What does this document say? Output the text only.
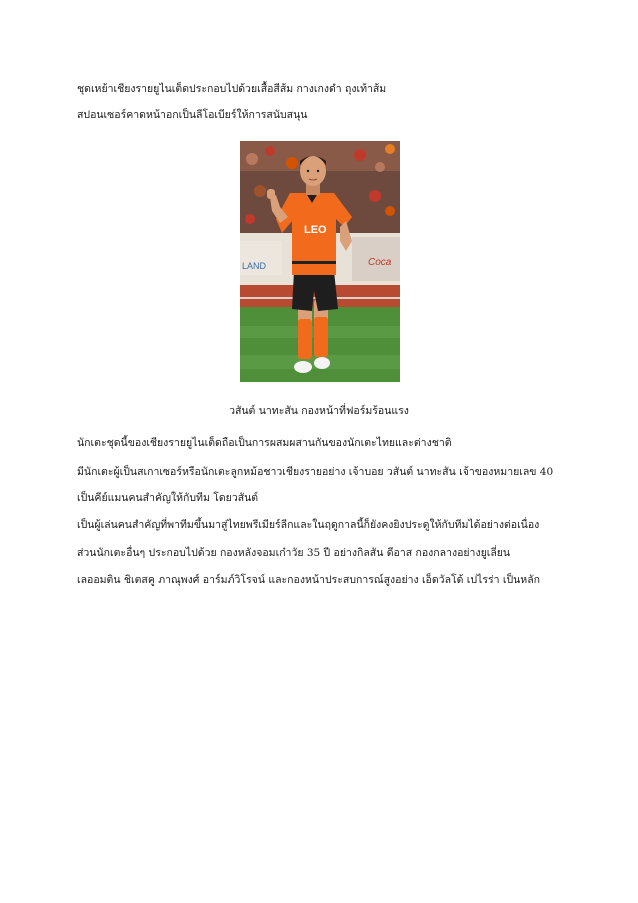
ชุดเหย้าเชียงรายยูไนเต็ดประกอบไปด้วยเสื้อสีส้ม กางเกงดำ ถุงเท้าส้ม
สปอนเซอร์คาดหน้าอกเป็นลีโอเบียร์ให้การสนับสนุน
Coca
LAND
LEO
วสันต์ นาทะสัน กองหน้าที่ฟอร์มร้อนแรง
นักเตะชุดนี้ของเชียงรายยูไนเต็ดถือเป็นการผสมผสานกันของนักเตะไทยและต่างชาติ
มีนักเตะผู้เป็นสเกาเซอร์หรือนักเตะลูกหม้อชาวเชียงรายอย่าง เจ้าบอย วสันต์ นาทะสัน เจ้าของหมายเลข 40
เป็นคีย์แมนคนสำคัญให้กับทีม โดยวสันต์
เป็นผู้เล่นคนสำคัญที่พาทีมขึ้นมาสู่ไทยพรีเมียร์ลีกและในฤดูกาลนี้ก็ยังคงยิงประตูให้กับทีมได้อย่างต่อเนื่อง
ส่วนนักเตะอื่นๆ ประกอบไปด้วย กองหลังจอมเก๋าวัย 35 ปี อย่างกิลสัน ดีอาส กองกลางอย่างยูเลี่ยน
เลออมติน ชิเตสคู ภาณุพงศ์ อาร์มภ์วิโรจน์ และกองหน้าประสบการณ์สูงอย่าง เอ็ดวัลโด้ เปไรร่า เป็นหลัก
